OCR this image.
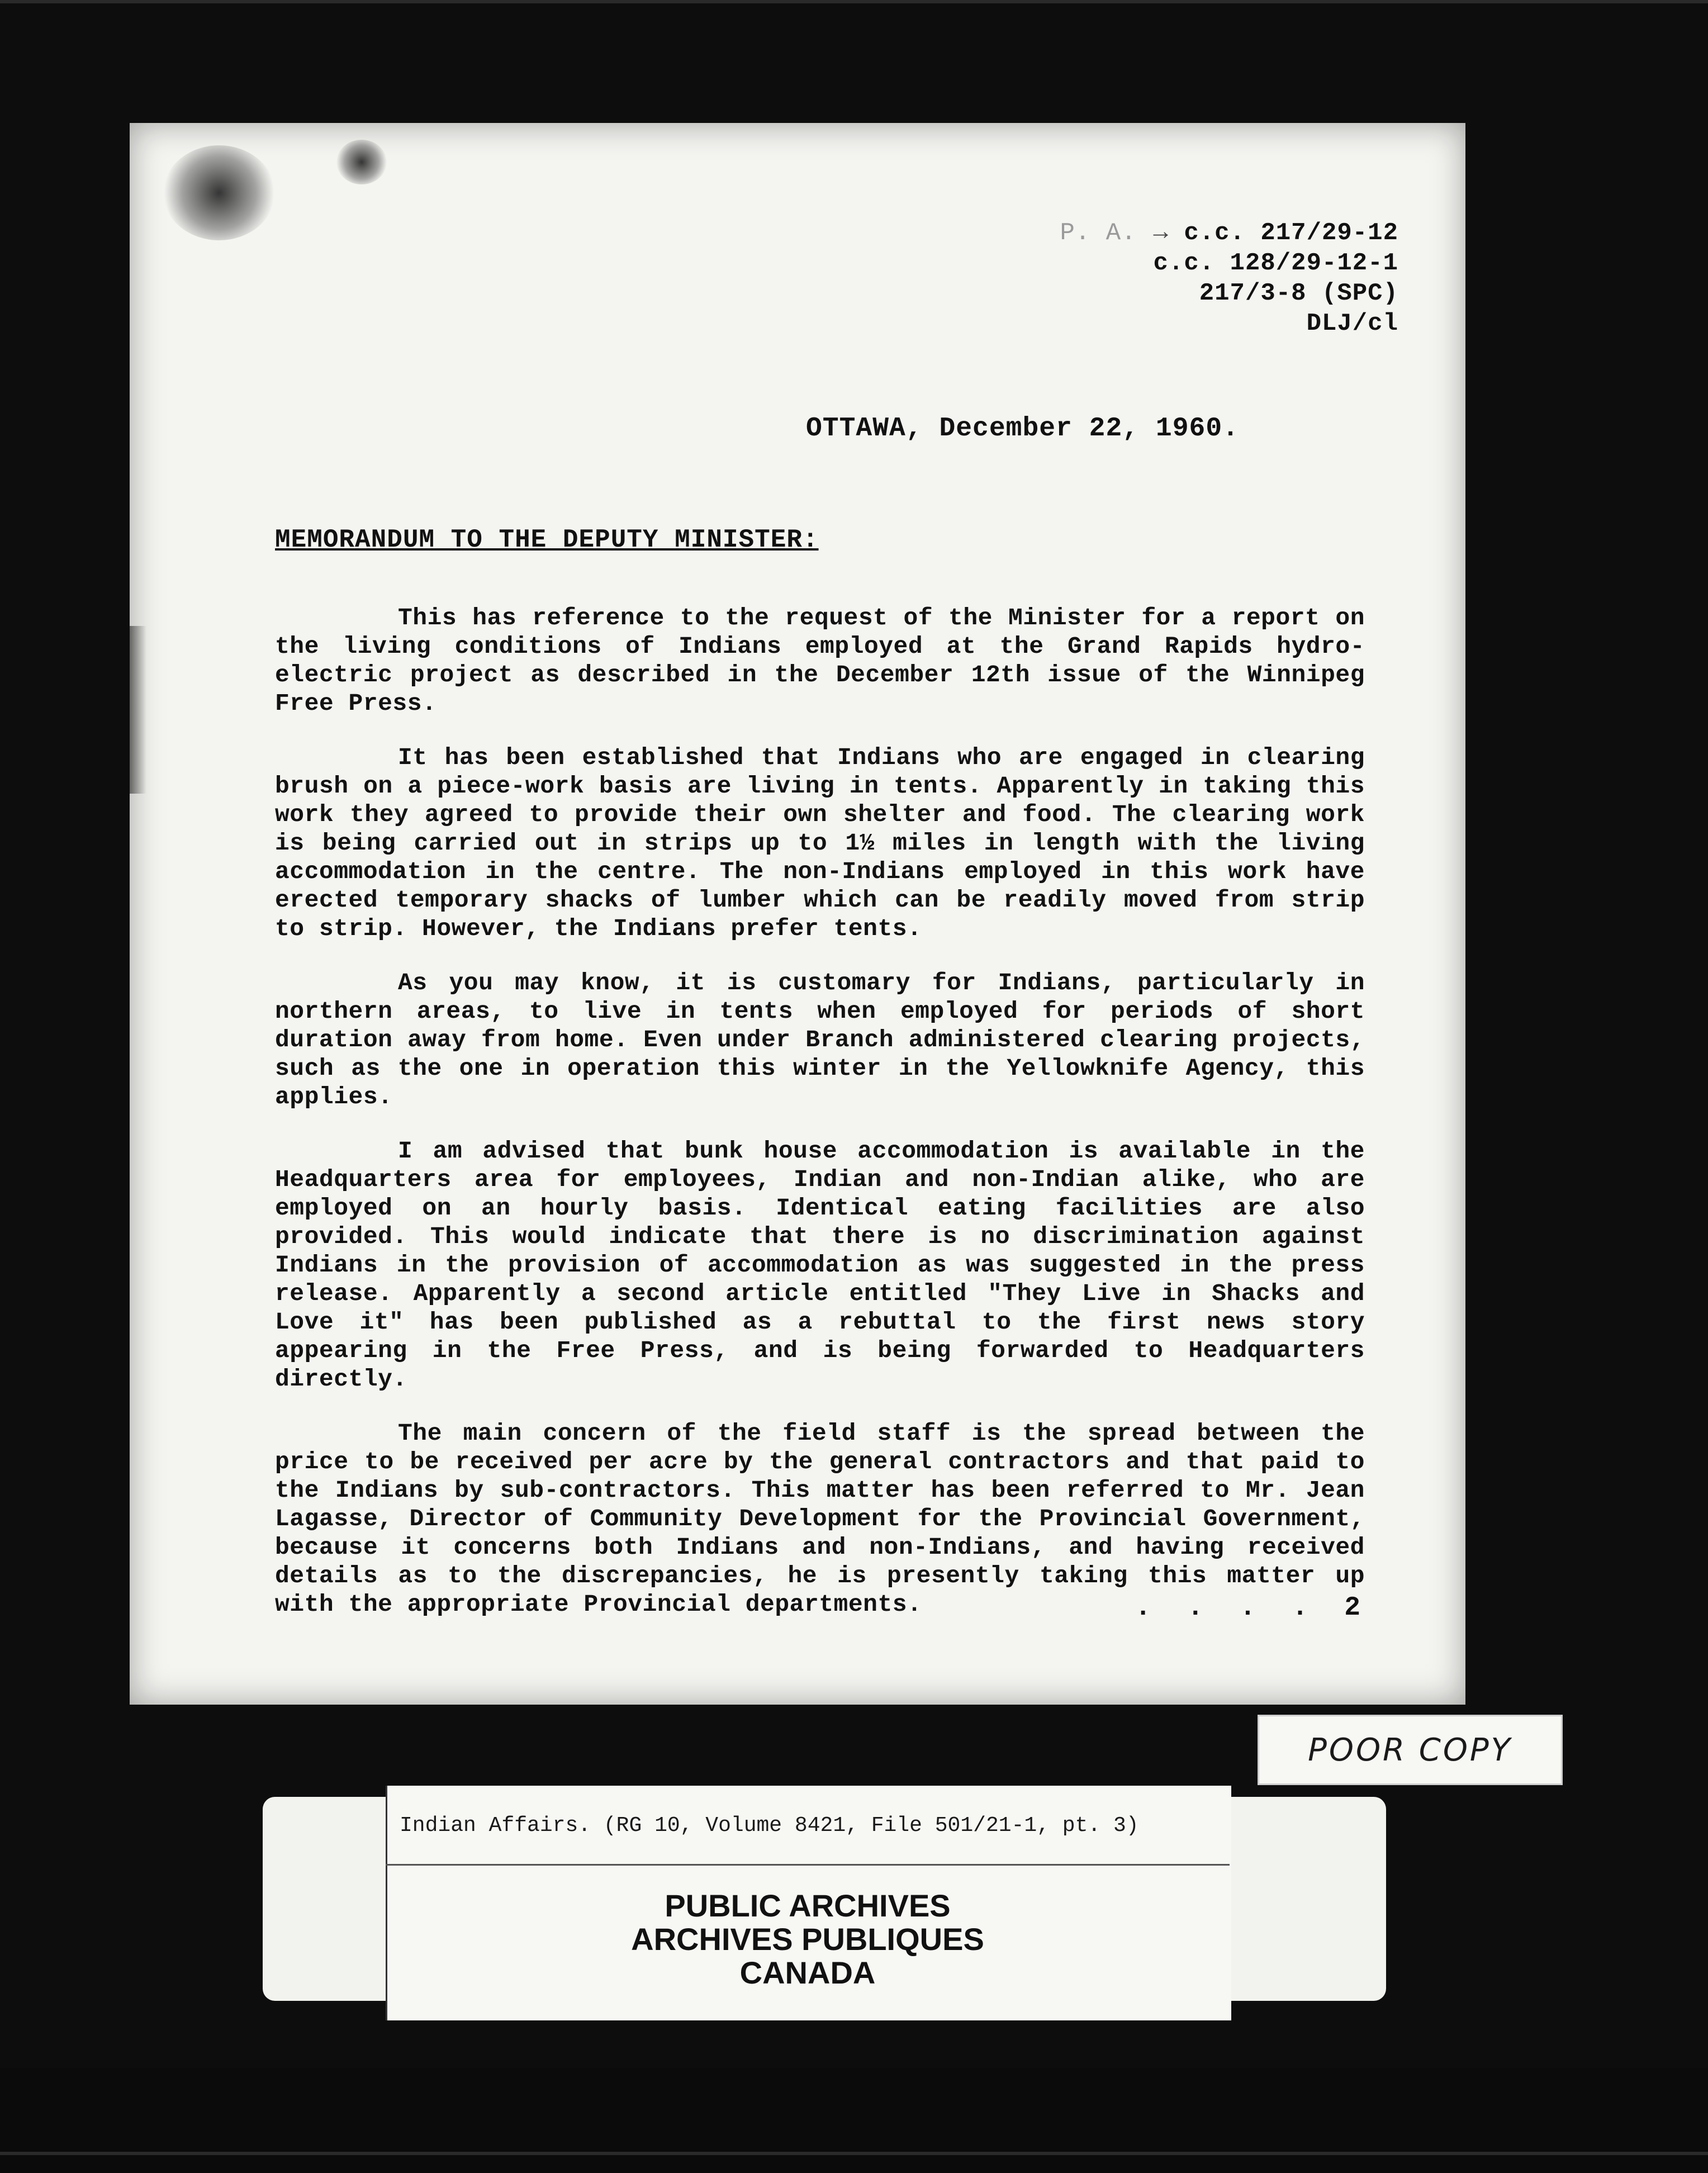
P. A. → c.c. 217/29-12
c.c. 128/29-12-1
217/3-8 (SPC)
DLJ/cl
OTTAWA, December 22, 1960.
MEMORANDUM TO THE DEPUTY MINISTER:

This has reference to the request of the Minister for a report on the living conditions of Indians employed at the Grand Rapids hydro-electric project as described in the December 12th issue of the Winnipeg Free Press.

It has been established that Indians who are engaged in clearing brush on a piece-work basis are living in tents. Apparently in taking this work they agreed to provide their own shelter and food. The clearing work is being carried out in strips up to 1½ miles in length with the living accommodation in the centre. The non-Indians employed in this work have erected temporary shacks of lumber which can be readily moved from strip to strip. However, the Indians prefer tents.

As you may know, it is customary for Indians, particularly in northern areas, to live in tents when employed for periods of short duration away from home. Even under Branch administered clearing projects, such as the one in operation this winter in the Yellowknife Agency, this applies.

I am advised that bunk house accommodation is available in the Headquarters area for employees, Indian and non-Indian alike, who are employed on an hourly basis. Identical eating facilities are also provided. This would indicate that there is no discrimination against Indians in the provision of accommodation as was suggested in the press release. Apparently a second article entitled "They Live in Shacks and Love it" has been published as a rebuttal to the first news story appearing in the Free Press, and is being forwarded to Headquarters directly.

The main concern of the field staff is the spread between the price to be received per acre by the general contractors and that paid to the Indians by sub-contractors. This matter has been referred to Mr. Jean Lagasse, Director of Community Development for the Provincial Government, because it concerns both Indians and non-Indians, and having received details as to the discrepancies, he is presently taking this matter up with the appropriate Provincial departments.	. . . . 2
POOR COPY
Indian Affairs. (RG 10, Volume 8421, File 501/21-1, pt. 3)
PUBLIC ARCHIVES
ARCHIVES PUBLIQUES
CANADA
